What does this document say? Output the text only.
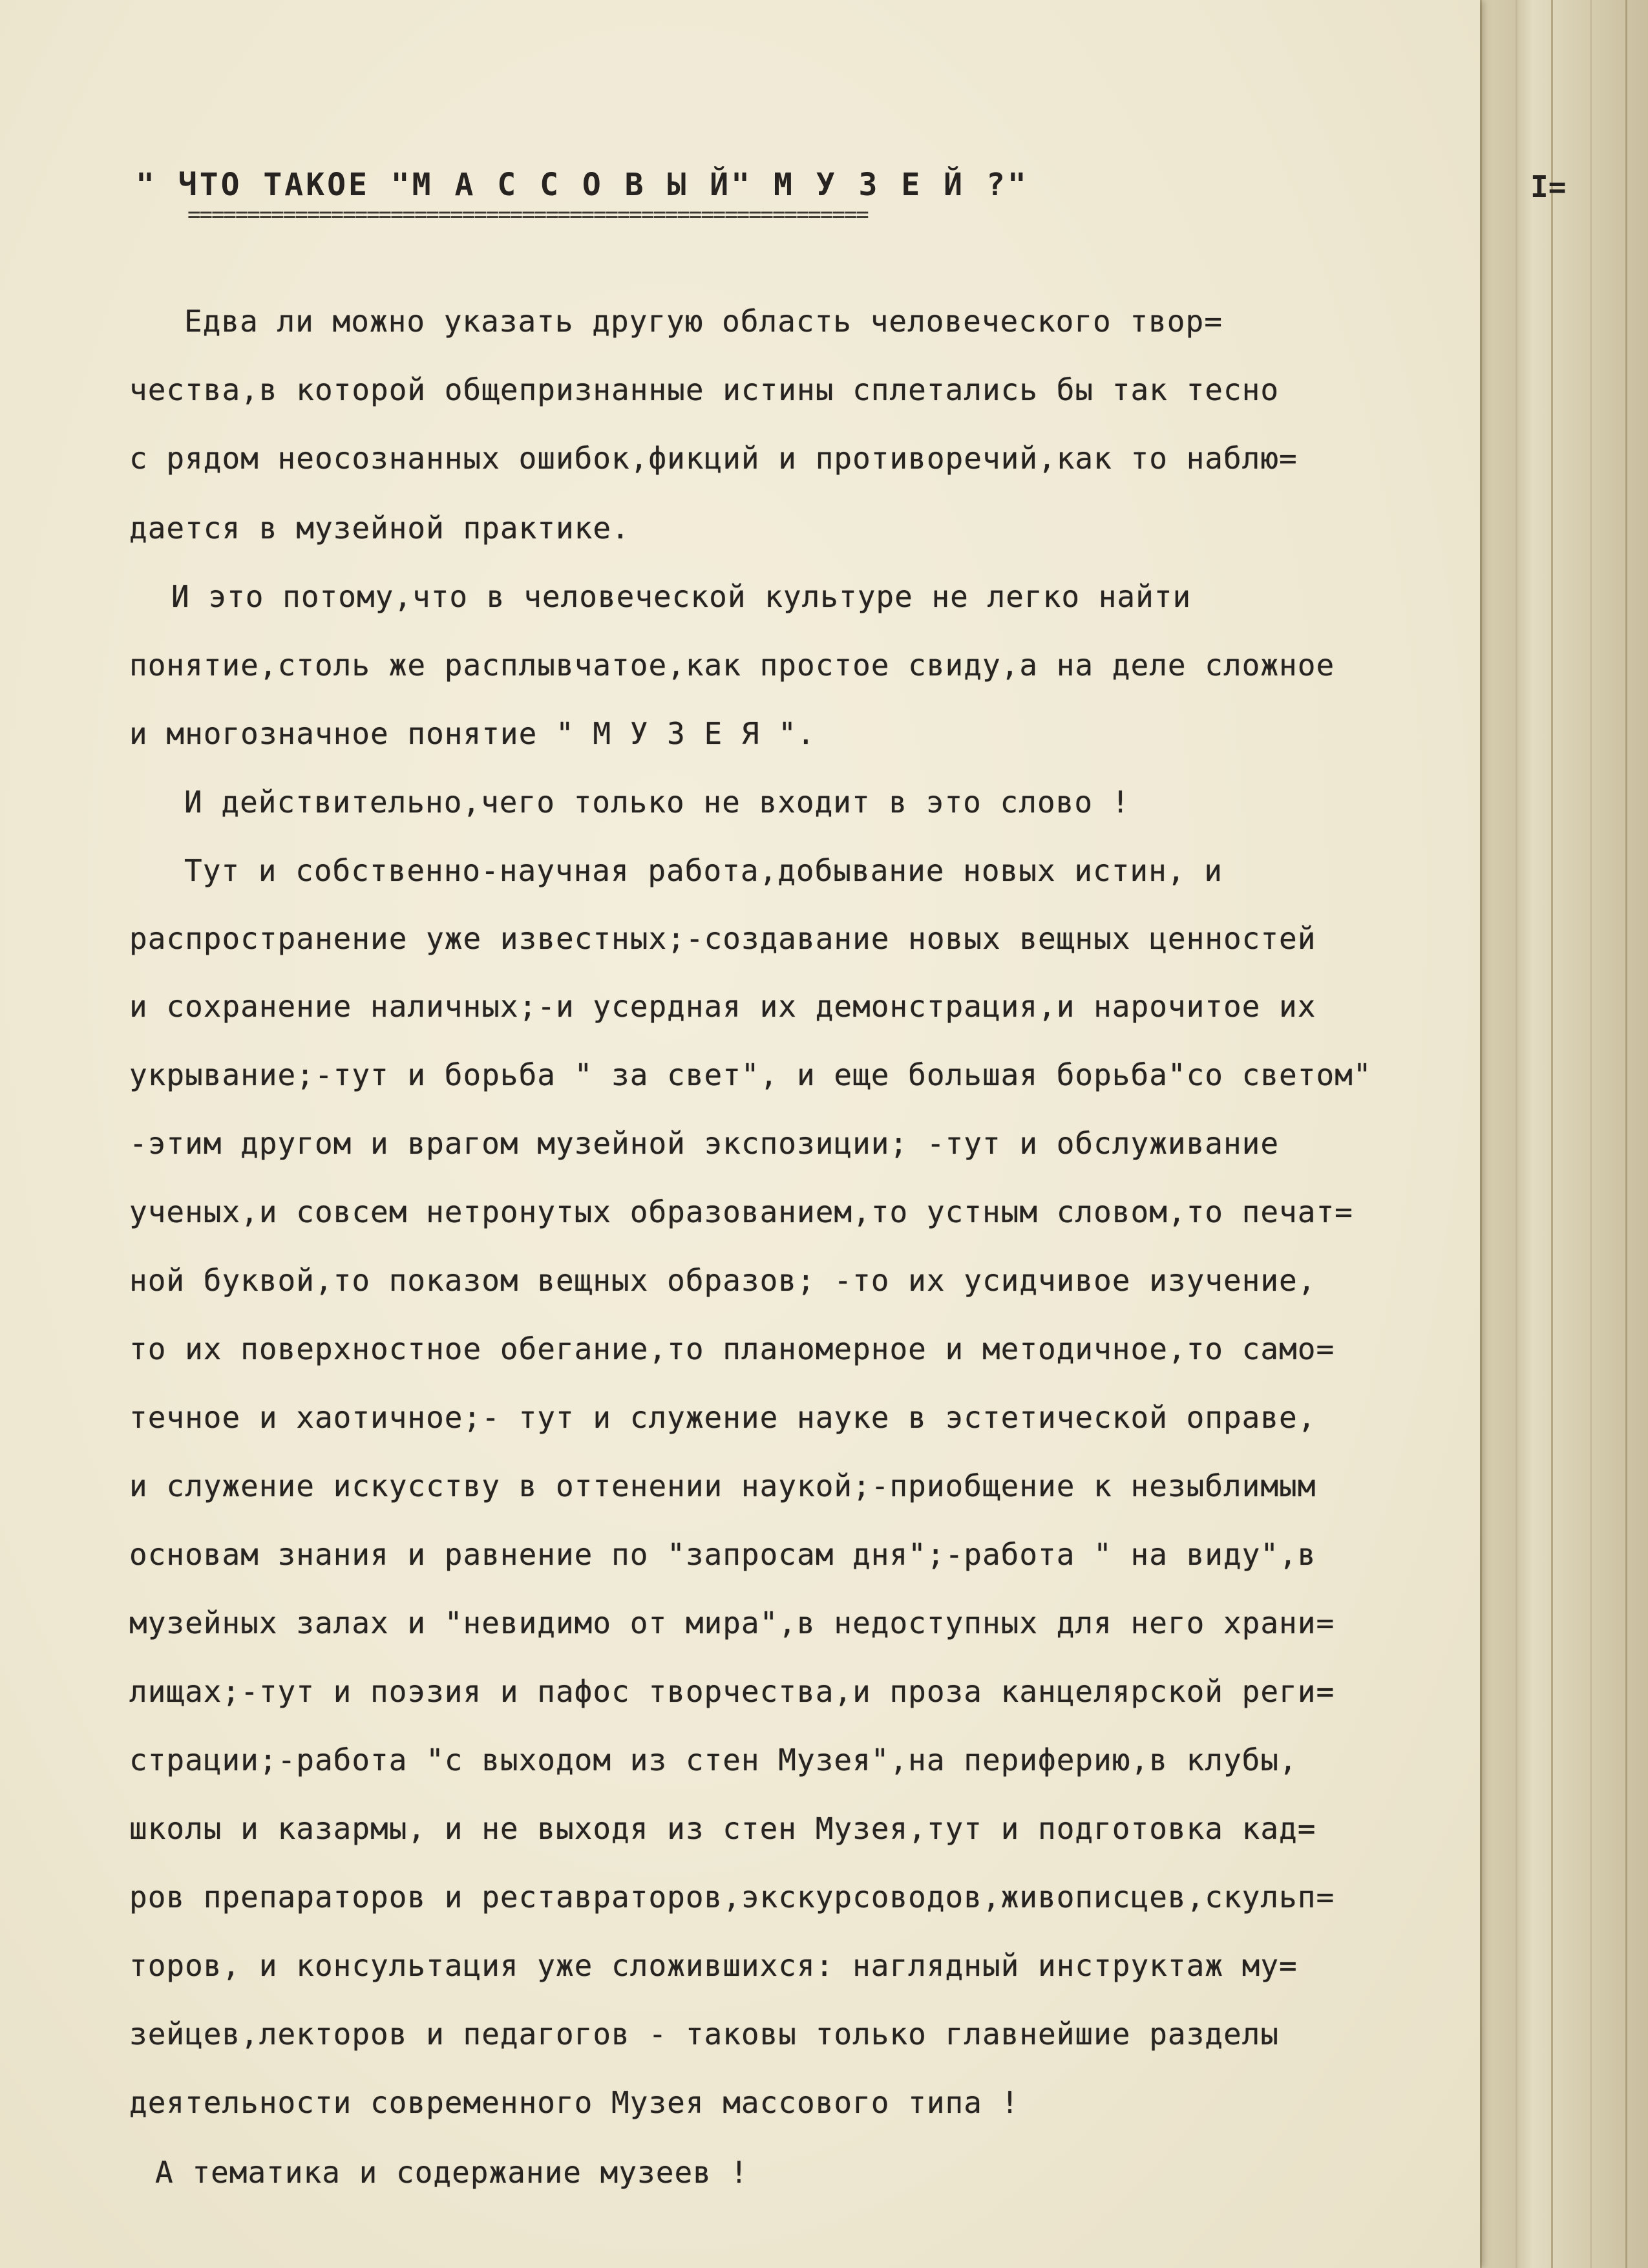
" ЧТО ТАКОЕ "М А С С О В Ы Й" М У З Е Й ?"
=========================================================
Едва ли можно указать другую область человеческого твор=
чества,в которой общепризнанные истины сплетались бы так тесно
с рядом неосознанных ошибок,фикций и противоречий,как то наблю=
дается в музейной практике.
И это потому,что в человеческой культуре не легко найти
понятие,столь же расплывчатое,как простое свиду,а на деле сложное
и многозначное понятие " М У З Е Я ".
И действительно,чего только не входит в это слово !
Тут и собственно-научная работа,добывание новых истин, и
распространение уже известных;-создавание новых вещных ценностей
и сохранение наличных;-и усердная их демонстрация,и нарочитое их
укрывание;-тут и борьба " за свет", и еще большая борьба"со светом"
-этим другом и врагом музейной экспозиции; -тут и обслуживание
ученых,и совсем нетронутых образованием,то устным словом,то печат=
ной буквой,то показом вещных образов; -то их усидчивое изучение,
то их поверхностное обегание,то планомерное и методичное,то само=
течное и хаотичное;- тут и служение науке в эстетической оправе,
и служение искусству в оттенении наукой;-приобщение к незыблимым
основам знания и равнение по "запросам дня";-работа " на виду",в
музейных залах и "невидимо от мира",в недоступных для него храни=
лищах;-тут и поэзия и пафос творчества,и проза канцелярской реги=
страции;-работа "с выходом из стен Музея",на периферию,в клубы,
школы и казармы, и не выходя из стен Музея,тут и подготовка кад=
ров препараторов и реставраторов,экскурсоводов,живописцев,скульп=
торов, и консультация уже сложившихся: наглядный инструктаж му=
зейцев,лекторов и педагогов - таковы только главнейшие разделы
деятельности современного Музея массового типа !
А тематика и содержание музеев !
I=
